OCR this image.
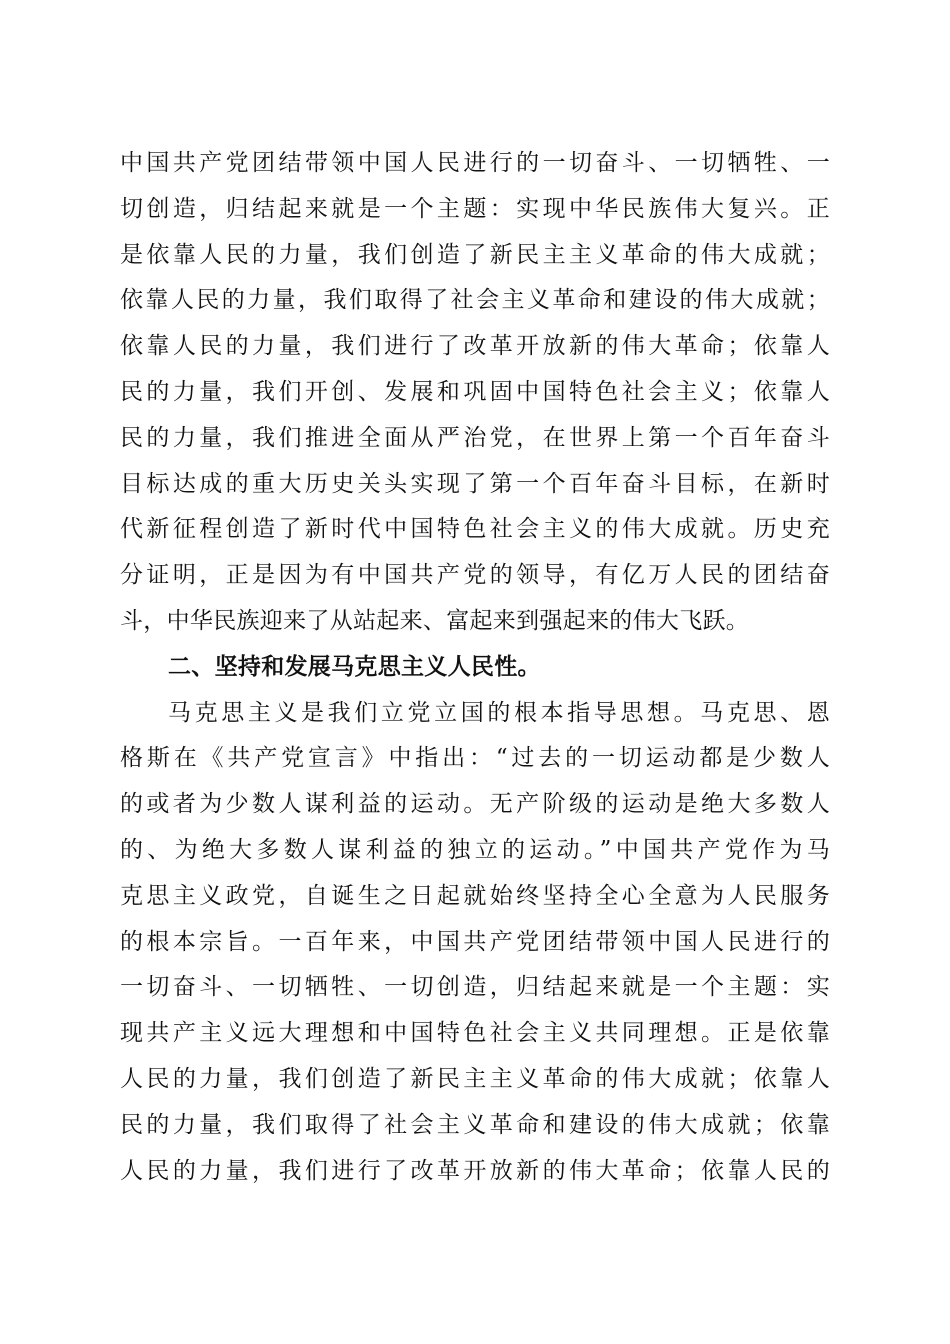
中国共产党团结带领中国人民进行的一切奋斗、一切牺牲、一
切创造，归结起来就是一个主题：实现中华民族伟大复兴。正
是依靠人民的力量，我们创造了新民主主义革命的伟大成就；
依靠人民的力量，我们取得了社会主义革命和建设的伟大成就；
依靠人民的力量，我们进行了改革开放新的伟大革命；依靠人
民的力量，我们开创、发展和巩固中国特色社会主义；依靠人
民的力量，我们推进全面从严治党，在世界上第一个百年奋斗
目标达成的重大历史关头实现了第一个百年奋斗目标，在新时
代新征程创造了新时代中国特色社会主义的伟大成就。历史充
分证明，正是因为有中国共产党的领导，有亿万人民的团结奋
斗，中华民族迎来了从站起来、富起来到强起来的伟大飞跃。
二、坚持和发展马克思主义人民性。
马克思主义是我们立党立国的根本指导思想。马克思、恩
格斯在《共产党宣言》中指出：“过去的一切运动都是少数人
的或者为少数人谋利益的运动。无产阶级的运动是绝大多数人
的、为绝大多数人谋利益的独立的运动。”中国共产党作为马
克思主义政党，自诞生之日起就始终坚持全心全意为人民服务
的根本宗旨。一百年来，中国共产党团结带领中国人民进行的
一切奋斗、一切牺牲、一切创造，归结起来就是一个主题：实
现共产主义远大理想和中国特色社会主义共同理想。正是依靠
人民的力量，我们创造了新民主主义革命的伟大成就；依靠人
民的力量，我们取得了社会主义革命和建设的伟大成就；依靠
人民的力量，我们进行了改革开放新的伟大革命；依靠人民的
